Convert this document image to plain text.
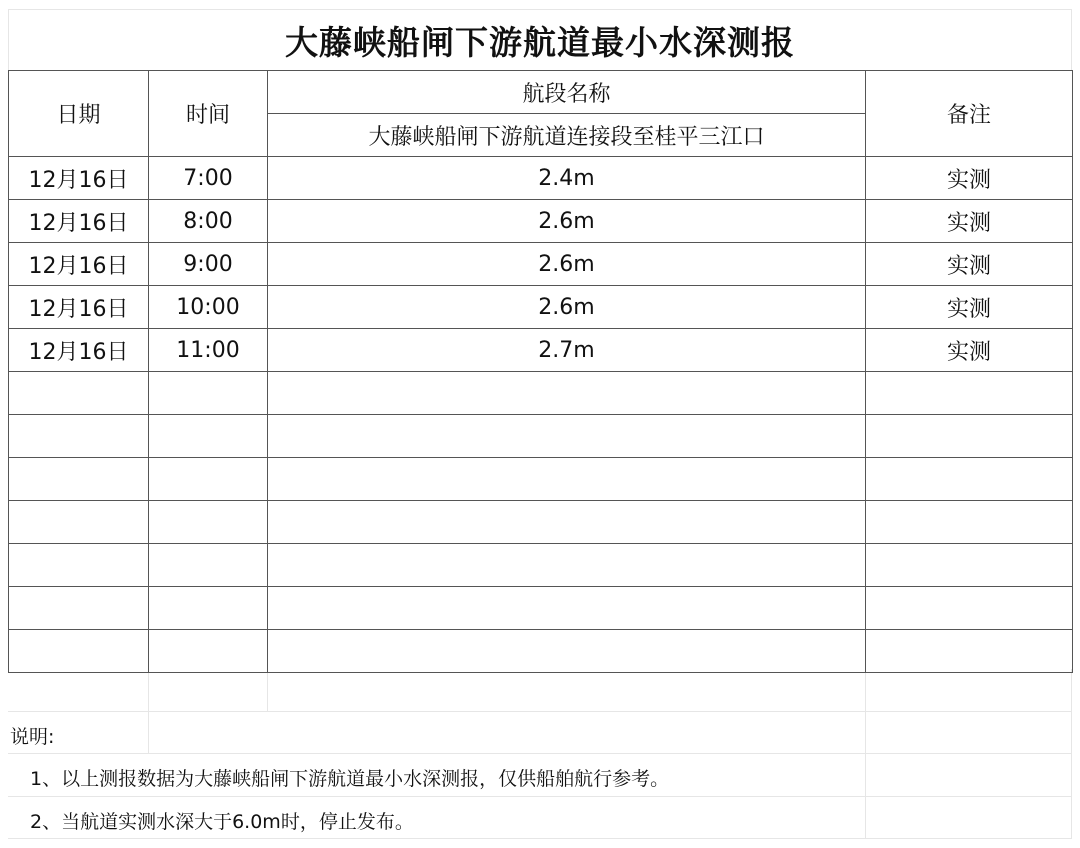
大藤峡船闸下游航道最小水深测报
日期	时间	航段名称	备注
		大藤峡船闸下游航道连接段至桂平三江口	
12月16日	7:00	2.4m	实测
12月16日	8:00	2.6m	实测
12月16日	9:00	2.6m	实测
12月16日	10:00	2.6m	实测
12月16日	11:00	2.7m	实测

说明:
1、以上测报数据为大藤峡船闸下游航道最小水深测报，仅供船舶航行参考。
2、当航道实测水深大于6.0m时，停止发布。
